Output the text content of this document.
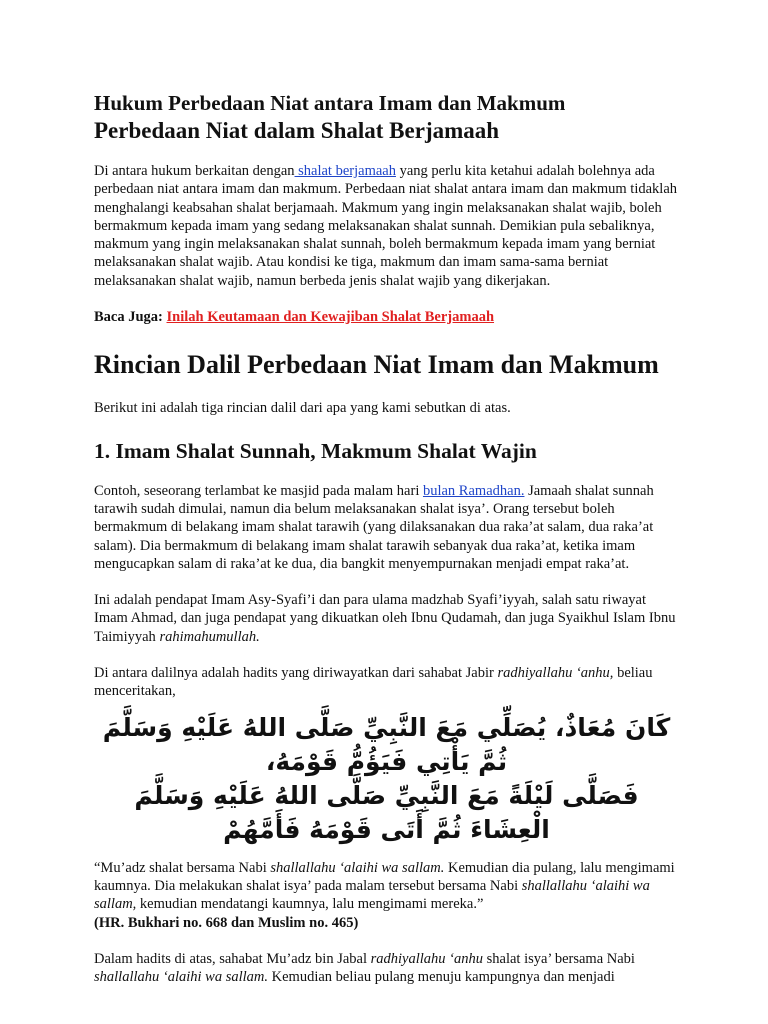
Hukum Perbedaan Niat antara Imam dan Makmum
Perbedaan Niat dalam Shalat Berjamaah

Di antara hukum berkaitan dengan shalat berjamaah yang perlu kita ketahui adalah bolehnya ada perbedaan niat antara imam dan makmum. Perbedaan niat shalat antara imam dan makmum tidaklah menghalangi keabsahan shalat berjamaah. Makmum yang ingin melaksanakan shalat wajib, boleh bermakmum kepada imam yang sedang melaksanakan shalat sunnah. Demikian pula sebaliknya, makmum yang ingin melaksanakan shalat sunnah, boleh bermakmum kepada imam yang berniat melaksanakan shalat wajib. Atau kondisi ke tiga, makmum dan imam sama-sama berniat melaksanakan shalat wajib, namun berbeda jenis shalat wajib yang dikerjakan.

Baca Juga: Inilah Keutamaan dan Kewajiban Shalat Berjamaah

Rincian Dalil Perbedaan Niat Imam dan Makmum

Berikut ini adalah tiga rincian dalil dari apa yang kami sebutkan di atas.

1. Imam Shalat Sunnah, Makmum Shalat Wajin

Contoh, seseorang terlambat ke masjid pada malam hari bulan Ramadhan. Jamaah shalat sunnah tarawih sudah dimulai, namun dia belum melaksanakan shalat isya’. Orang tersebut boleh bermakmum di belakang imam shalat tarawih (yang dilaksanakan dua raka’at salam, dua raka’at salam). Dia bermakmum di belakang imam shalat tarawih sebanyak dua raka’at, ketika imam mengucapkan salam di raka’at ke dua, dia bangkit menyempurnakan menjadi empat raka’at.

Ini adalah pendapat Imam Asy-Syafi’i dan para ulama madzhab Syafi’iyyah, salah satu riwayat Imam Ahmad, dan juga pendapat yang dikuatkan oleh Ibnu Qudamah, dan juga Syaikhul Islam Ibnu Taimiyyah rahimahumullah.

Di antara dalilnya adalah hadits yang diriwayatkan dari sahabat Jabir radhiyallahu ‘anhu, beliau menceritakan,

كَانَ مُعَاذٌ، يُصَلِّي مَعَ النَّبِيِّ صَلَّى اللهُ عَلَيْهِ وَسَلَّمَ ثُمَّ يَأْتِي فَيَؤُمُّ قَوْمَهُ،

فَصَلَّى لَيْلَةً مَعَ النَّبِيِّ صَلَّى اللهُ عَلَيْهِ وَسَلَّمَ الْعِشَاءَ ثُمَّ أَتَى قَوْمَهُ فَأَمَّهُمْ

“Mu’adz shalat bersama Nabi shallallahu ‘alaihi wa sallam. Kemudian dia pulang, lalu mengimami kaumnya. Dia melakukan shalat isya’ pada malam tersebut bersama Nabi shallallahu ‘alaihi wa sallam, kemudian mendatangi kaumnya, lalu mengimami mereka.”
(HR. Bukhari no. 668 dan Muslim no. 465)

Dalam hadits di atas, sahabat Mu’adz bin Jabal radhiyallahu ‘anhu shalat isya’ bersama Nabi shallallahu ‘alaihi wa sallam. Kemudian beliau pulang menuju kampungnya dan menjadi
